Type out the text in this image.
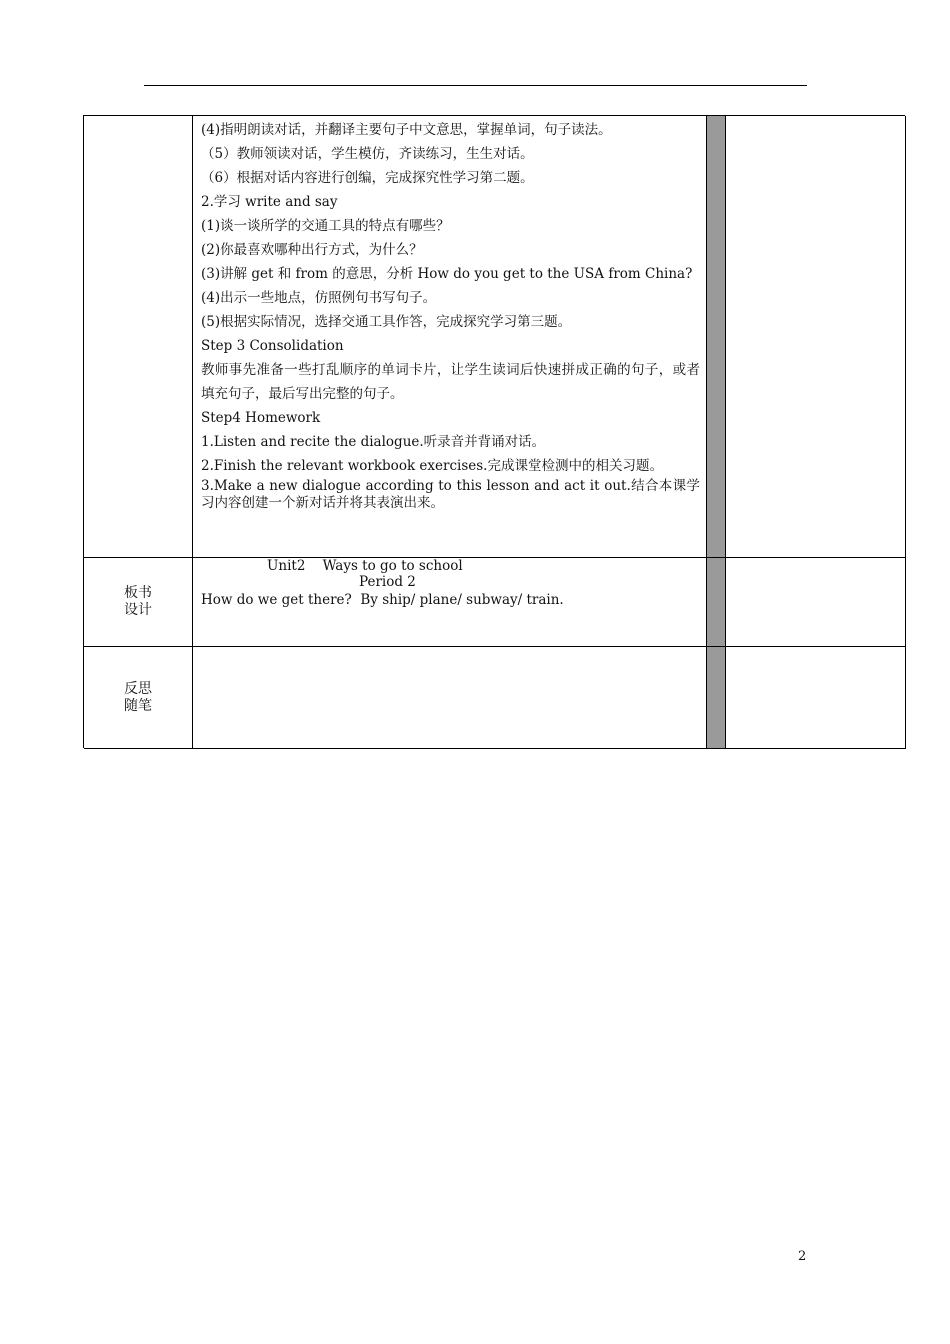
(4)指明朗读对话，并翻译主要句子中文意思，掌握单词，句子读法。
（5）教师领读对话，学生模仿，齐读练习，生生对话。
（6）根据对话内容进行创编，完成探究性学习第二题。
2.学习 write and say
(1)谈一谈所学的交通工具的特点有哪些？
(2)你最喜欢哪种出行方式，为什么？
(3)讲解 get 和 from 的意思，分析 How do you get to the USA from China?
(4)出示一些地点，仿照例句书写句子。
(5)根据实际情况，选择交通工具作答，完成探究学习第三题。
Step 3 Consolidation
教师事先准备一些打乱顺序的单词卡片，让学生读词后快速拼成正确的句子，或者填充句子，最后写出完整的句子。
Step4 Homework
1.Listen and recite the dialogue.听录音并背诵对话。
2.Finish the relevant workbook exercises.完成课堂检测中的相关习题。
3.Make a new dialogue according to this lesson and act it out.结合本课学习内容创建一个新对话并将其表演出来。
板书
设计
Unit2    Ways to go to school
Period 2
How do we get there?  By ship/ plane/ subway/ train.
反思
随笔
2
